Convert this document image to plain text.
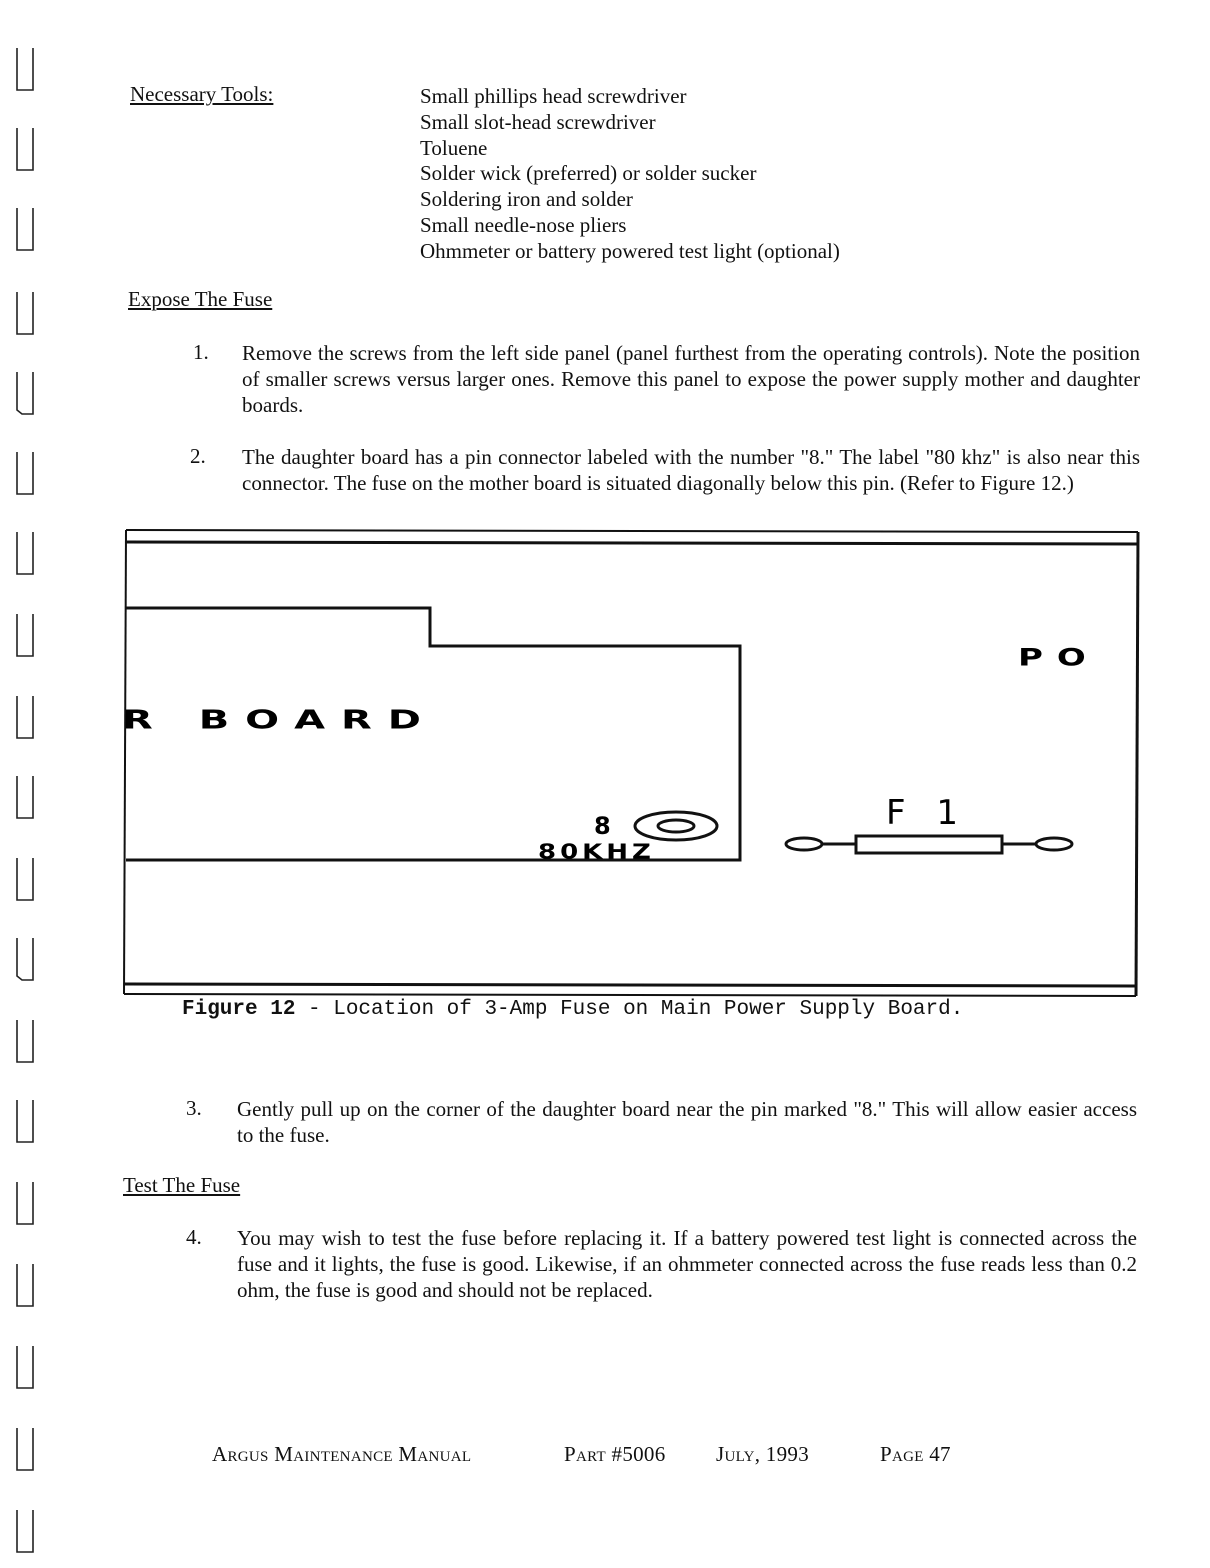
Necessary Tools:	Small phillips head screwdriver
Small slot-head screwdriver
Toluene
Solder wick (preferred) or solder sucker
Soldering iron and solder
Small needle-nose pliers
Ohmmeter or battery powered test light (optional)
Expose The Fuse
1. Remove the screws from the left side panel (panel furthest from the operating controls). Note the position of smaller screws versus larger ones. Remove this panel to expose the power supply mother and daughter boards.
2. The daughter board has a pin connector labeled with the number "8." The label "80 khz" is also near this connector. The fuse on the mother board is situated diagonally below this pin. (Refer to Figure 12.)
R BOARD
8
80KHZ
PO
F 1
Figure 12 - Location of 3-Amp Fuse on Main Power Supply Board.
3. Gently pull up on the corner of the daughter board near the pin marked "8." This will allow easier access to the fuse.
Test The Fuse
4. You may wish to test the fuse before replacing it. If a battery powered test light is connected across the fuse and it lights, the fuse is good. Likewise, if an ohmmeter connected across the fuse reads less than 0.2 ohm, the fuse is good and should not be replaced.
Argus Maintenance Manual	Part #5006 July, 1993	Page 47
